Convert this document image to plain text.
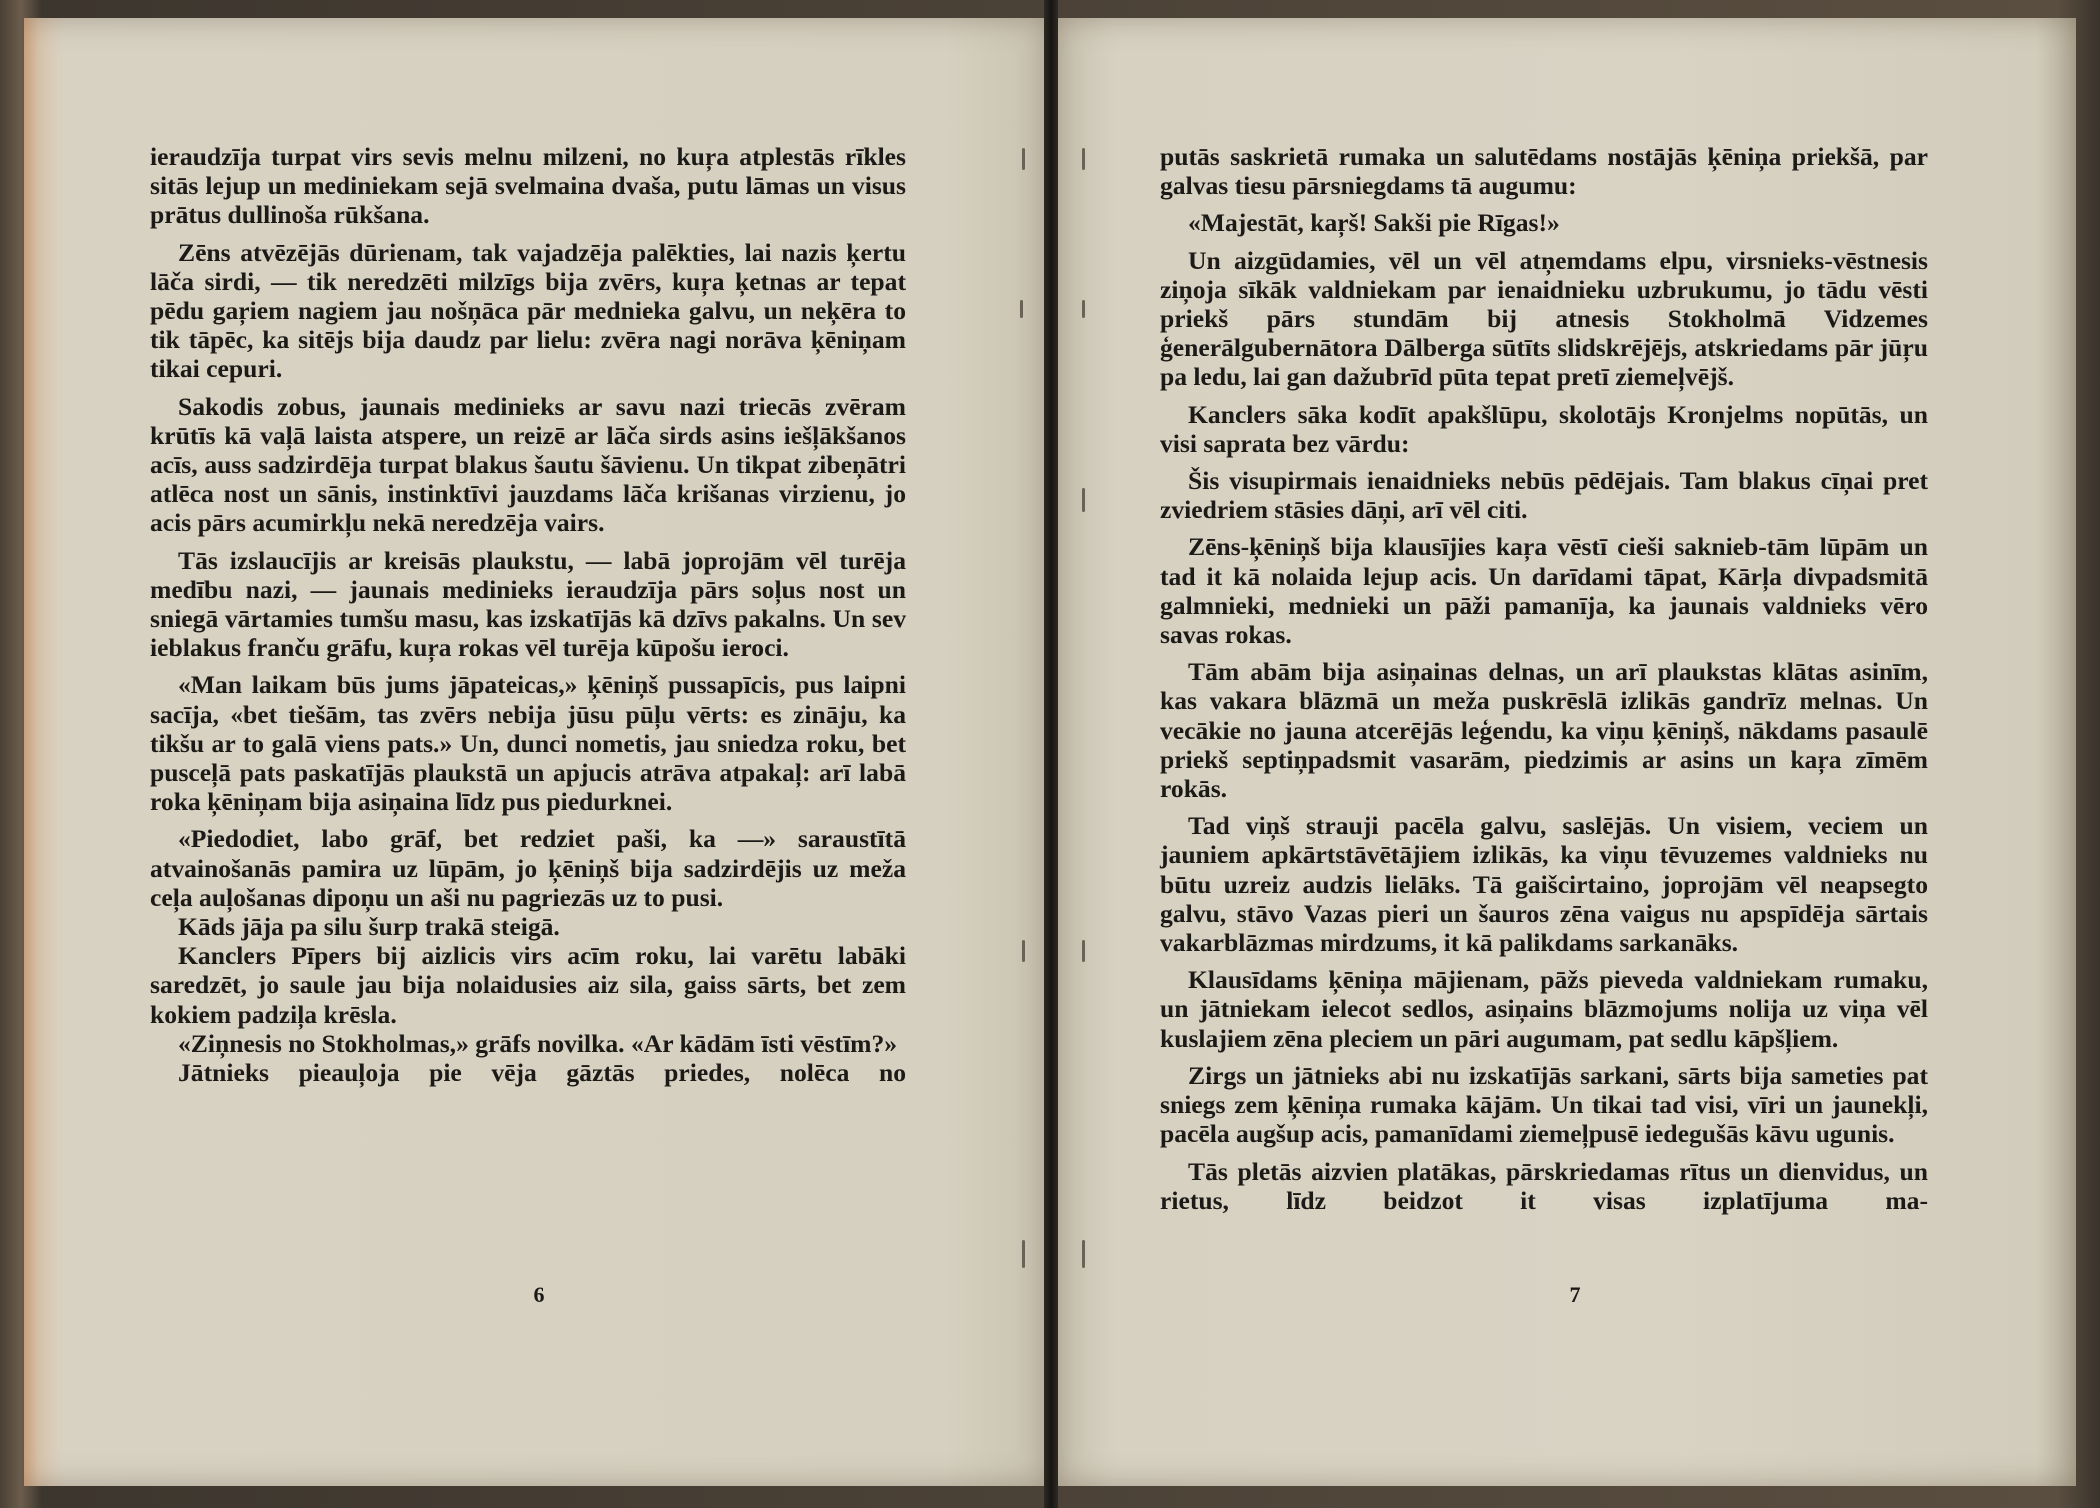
ieraudzīja turpat virs sevis melnu milzeni, no kuŗa atplestās rīkles sitās lejup un mediniekam sejā svelmaina dvaša, putu lāmas un visus prātus dullinoša rūkšana.

Zēns atvēzējās dūrienam, tak vajadzēja palēkties, lai nazis ķertu lāča sirdi, — tik neredzēti milzīgs bija zvērs, kuŗa ķetnas ar tepat pēdu gaŗiem nagiem jau nošņāca pār mednieka galvu, un neķēra to tik tāpēc, ka sitējs bija daudz par lielu: zvēra nagi norāva ķēniņam tikai cepuri.

Sakodis zobus, jaunais medinieks ar savu nazi triecās zvēram krūtīs kā vaļā laista atspere, un reizē ar lāča sirds asins iešļākšanos acīs, auss sadzirdēja turpat blakus šautu šāvienu. Un tikpat zibeņātri atlēca nost un sānis, instinktīvi jauzdams lāča krišanas virzienu, jo acis pārs acumirkļu nekā neredzēja vairs.

Tās izslaucījis ar kreisās plaukstu, — labā joprojām vēl turēja medību nazi, — jaunais medinieks ieraudzīja pārs soļus nost un sniegā vārtamies tumšu masu, kas izskatījās kā dzīvs pakalns. Un sev ieblakus franču grāfu, kuŗa rokas vēl turēja kūpošu ieroci.

«Man laikam būs jums jāpateicas,» ķēniņš pussapīcis, pus laipni sacīja, «bet tiešām, tas zvērs nebija jūsu pūļu vērts: es zināju, ka tikšu ar to galā viens pats.» Un, dunci nometis, jau sniedza roku, bet pusceļā pats paskatījās plaukstā un apjucis atrāva atpakaļ: arī labā roka ķēniņam bija asiņaina līdz pus piedurknei.

«Piedodiet, labo grāf, bet redziet paši, ka —» saraustītā atvainošanās pamira uz lūpām, jo ķēniņš bija sadzirdējis uz meža ceļa auļošanas dipoņu un aši nu pagriezās uz to pusi.

Kāds jāja pa silu šurp trakā steigā.

Kanclers Pīpers bij aizlicis virs acīm roku, lai varētu labāki saredzēt, jo saule jau bija nolaidusies aiz sila, gaiss sārts, bet zem kokiem padziļa krēsla.

«Ziņnesis no Stokholmas,» grāfs novilka. «Ar kādām īsti vēstīm?»

Jātnieks pieauļoja pie vēja gāztās priedes, nolēca no

6

putās saskrietā rumaka un salutēdams nostājās ķēniņa priekšā, par galvas tiesu pārsniegdams tā augumu:

«Majestāt, kaŗš! Sakši pie Rīgas!»

Un aizgūdamies, vēl un vēl atņemdams elpu, virsnieks-vēstnesis ziņoja sīkāk valdniekam par ienaidnieku uzbrukumu, jo tādu vēsti priekš pārs stundām bij atnesis Stokholmā Vidzemes ģenerālgubernātora Dālberga sūtīts slidskrējējs, atskriedams pār jūŗu pa ledu, lai gan dažubrīd pūta tepat pretī ziemeļvējš.

Kanclers sāka kodīt apakšlūpu, skolotājs Kronjelms nopūtās, un visi saprata bez vārdu:

Šis visupirmais ienaidnieks nebūs pēdējais. Tam blakus cīņai pret zviedriem stāsies dāņi, arī vēl citi.

Zēns-ķēniņš bija klausījies kaŗa vēstī cieši saknieb-tām lūpām un tad it kā nolaida lejup acis. Un darīdami tāpat, Kārļa divpadsmitā galmnieki, mednieki un pāži pamanīja, ka jaunais valdnieks vēro savas rokas.

Tām abām bija asiņainas delnas, un arī plaukstas klātas asinīm, kas vakara blāzmā un meža puskrēslā izlikās gandrīz melnas. Un vecākie no jauna atcerējās leģendu, ka viņu ķēniņš, nākdams pasaulē priekš septiņpadsmit vasarām, piedzimis ar asins un kaŗa zīmēm rokās.

Tad viņš strauji pacēla galvu, saslējās. Un visiem, veciem un jauniem apkārtstāvētājiem izlikās, ka viņu tēvuzemes valdnieks nu būtu uzreiz audzis lielāks. Tā gaišcirtaino, joprojām vēl neapsegto galvu, stāvo Vazas pieri un šauros zēna vaigus nu apspīdēja sārtais vakarblāzmas mirdzums, it kā palikdams sarkanāks.

Klausīdams ķēniņa mājienam, pāžs pieveda valdniekam rumaku, un jātniekam ielecot sedlos, asiņains blāzmojums nolija uz viņa vēl kuslajiem zēna pleciem un pāri augumam, pat sedlu kāpšļiem.

Zirgs un jātnieks abi nu izskatījās sarkani, sārts bija sameties pat sniegs zem ķēniņa rumaka kājām. Un tikai tad visi, vīri un jaunekļi, pacēla augšup acis, pamanīdami ziemeļpusē iedegušās kāvu ugunis.

Tās pletās aizvien platākas, pārskriedamas rītus un dienvidus, un rietus, līdz beidzot it visas izplatījuma ma-

7
